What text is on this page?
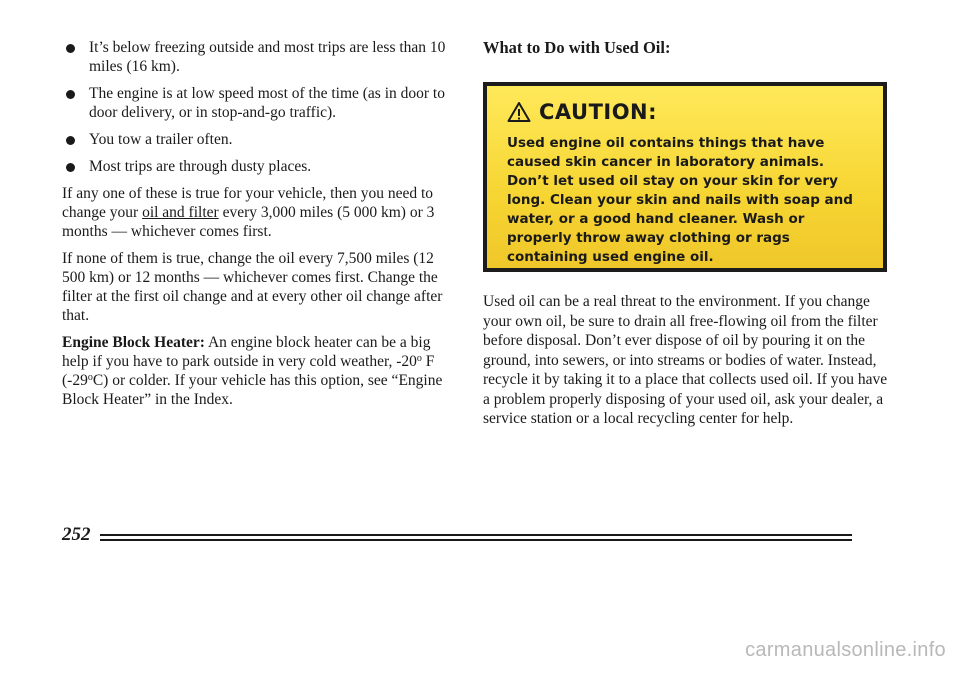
It’s below freezing outside and most trips are less than 10 miles (16 km).
The engine is at low speed most of the time (as in door to door delivery, or in stop-and-go traffic).
You tow a trailer often.
Most trips are through dusty places.

If any one of these is true for your vehicle, then you need to change your oil and filter every 3,000 miles (5 000 km) or 3 months — whichever comes first.

If none of them is true, change the oil every 7,500 miles (12 500 km) or 12 months — whichever comes first. Change the filter at the first oil change and at every other oil change after that.

Engine Block Heater: An engine block heater can be a big help if you have to park outside in very cold weather, -20$^o$ F (-29$^o$C) or colder. If your vehicle has this option, see “Engine Block Heater” in the Index.

What to Do with Used Oil:
CAUTION:

Used engine oil contains things that have caused skin cancer in laboratory animals. Don’t let used oil stay on your skin for very long. Clean your skin and nails with soap and water, or a good hand cleaner. Wash or properly throw away clothing or rags containing used engine oil.

Used oil can be a real threat to the environment. If you change your own oil, be sure to drain all free-flowing oil from the filter before disposal. Don’t ever dispose of oil by pouring it on the ground, into sewers, or into streams or bodies of water. Instead, recycle it by taking it to a place that collects used oil. If you have a problem properly disposing of your used oil, ask your dealer, a service station or a local recycling center for help.

252
carmanualsonline.info
